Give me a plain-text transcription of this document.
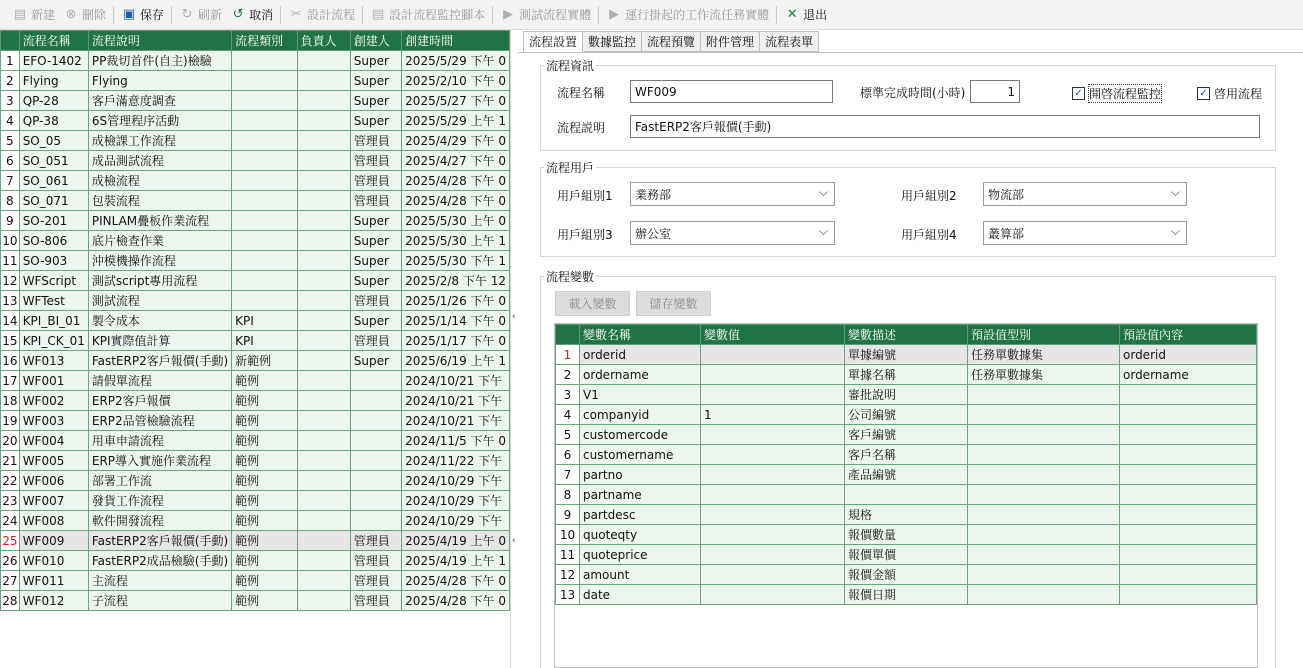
▤ 新建 ⊗ 刪除 ▣ 保存 ↻ 刷新 ↺ 取消 ✂ 設計流程 ▤ 設計流程監控腳本 ▶ 測試流程實體 ▶ 運行掛起的工作流任務實體 ✕ 退出
	流程名稱	流程說明	流程類別	負責人	創建人	創建時間
1	EFO-1402	PP裁切首件(自主)檢驗			Super	2025/5/29 下午 0
2	Flying	Flying			Super	2025/2/10 下午 0
3	QP-28	客戶滿意度調查			Super	2025/5/27 下午 0
4	QP-38	6S管理程序活動			Super	2025/5/29 上午 1
5	SO_05	成檢課工作流程			管理員	2025/4/29 下午 0
6	SO_051	成品測試流程			管理員	2025/4/27 下午 0
7	SO_061	成檢流程			管理員	2025/4/28 下午 0
8	SO_071	包裝流程			管理員	2025/4/28 下午 0
9	SO-201	PINLAM疊板作業流程			Super	2025/5/30 上午 0
10	SO-806	底片檢查作業			Super	2025/5/30 上午 1
11	SO-903	沖模機操作流程			Super	2025/5/30 下午 1
12	WFScript	測試script專用流程			Super	2025/2/8 下午 12
13	WFTest	測試流程			管理員	2025/1/26 下午 0
14	KPI_BI_01	製令成本	KPI		Super	2025/1/14 下午 0
15	KPI_CK_01	KPI實際值計算	KPI		管理員	2025/1/17 下午 0
16	WF013	FastERP2客戶報價(手動)	新範例		Super	2025/6/19 上午 1
17	WF001	請假單流程	範例			2024/10/21 下午
18	WF002	ERP2客戶報價	範例			2024/10/21 下午
19	WF003	ERP2品管檢驗流程	範例			2024/10/21 下午
20	WF004	用車申請流程	範例			2024/11/5 下午 0
21	WF005	ERP導入實施作業流程	範例			2024/11/22 下午
22	WF006	部署工作流	範例			2024/10/29 下午
23	WF007	發貨工作流程	範例			2024/10/29 下午
24	WF008	軟件開發流程	範例			2024/10/29 下午
25	WF009	FastERP2客戶報價(手動)	範例		管理員	2025/4/19 上午 0
26	WF010	FastERP2成品檢驗(手動)	範例		管理員	2025/4/19 上午 1
27	WF011	主流程	範例		管理員	2025/4/28 下午 0
28	WF012	子流程	範例		管理員	2025/4/28 下午 0
‹
‹
流程設置 數據監控 流程預覽 附件管理 流程表單
流程資訊
流程名稱
WF009	標準完成時間(小時)
1	✓ 開啓流程監控	✓ 啓用流程
流程説明
FastERP2客戶報價(手動)
流程用戶
用戶組別1	業務部	⌵	用戶組別2	物流部	⌵
用戶組別3	辦公室	⌵	用戶組別4	叢算部	⌵
流程變數
載入變數	儲存變數
	變數名稱	變數值	變數描述	預設值型別	預設值內容
1	orderid		單據編號	任務單數據集	orderid
2	ordername		單據名稱	任務單數據集	ordername
3	V1		審批說明		
4	companyid	1	公司編號		
5	customercode		客戶編號		
6	customername		客戶名稱		
7	partno		產品編號		
8	partname				
9	partdesc		規格		
10	quoteqty		報價數量		
11	quoteprice		報價單價		
12	amount		報價金額		
13	date		報價日期		
